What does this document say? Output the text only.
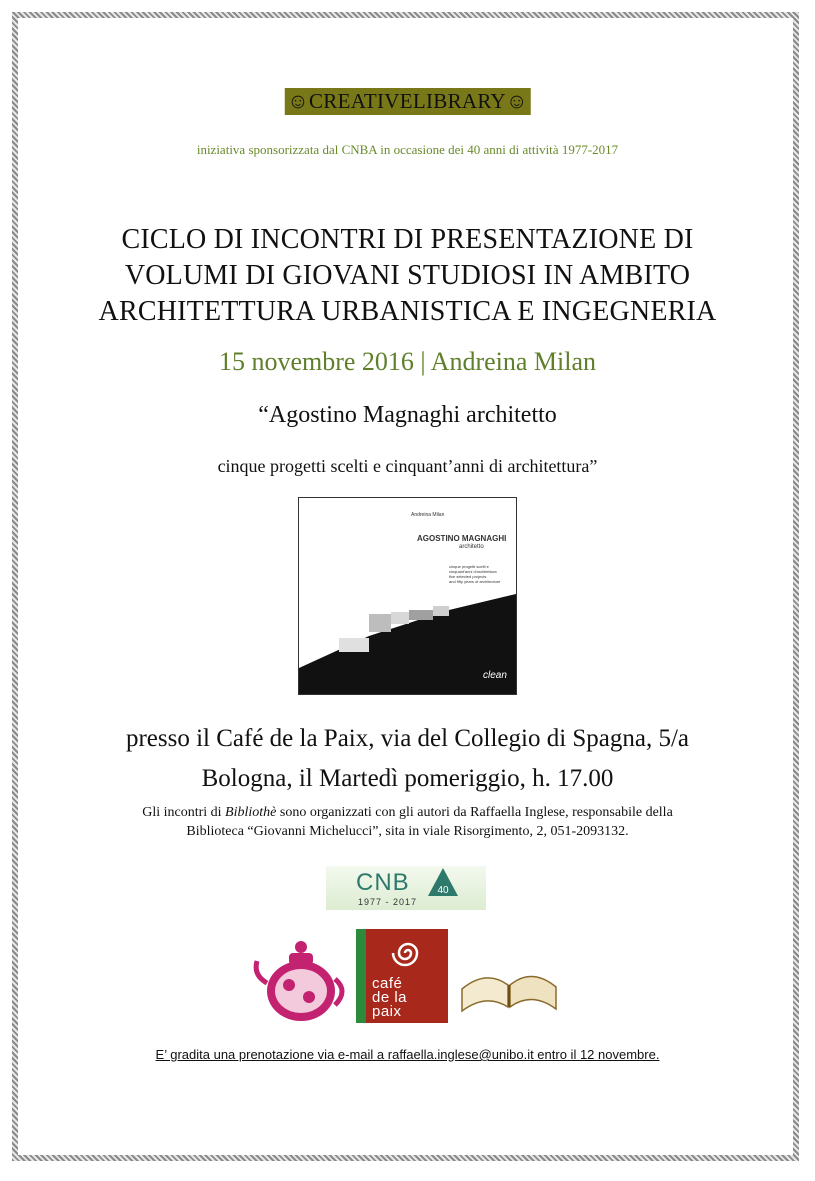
☺CREATIVELIBRARY☺
iniziativa sponsorizzata dal CNBA in occasione dei 40 anni di attività 1977-2017
CICLO DI INCONTRI DI PRESENTAZIONE DI
VOLUMI DI GIOVANI STUDIOSI IN AMBITO
ARCHITETTURA URBANISTICA E INGEGNERIA
15 novembre 2016 | Andreina Milan
“Agostino Magnaghi architetto
cinque progetti scelti e cinquant’anni di architettura”
Andreina Milan
AGOSTINO MAGNAGHI
architetto
cinque progetti scelti e
cinquant'anni d'architettura
five selected projects
and fifty years of architecture
clean
presso il Café de la Paix, via del Collegio di Spagna, 5/a
Bologna, il Martedì pomeriggio, h. 17.00
Gli incontri di Bibliothè sono organizzati con gli autori da Raffaella Inglese, responsabile della
Biblioteca “Giovanni Michelucci”, sita in viale Risorgimento, 2, 051-2093132.
CNB	40
1977 - 2017
café
de la
paix
E’ gradita una prenotazione via e-mail a raffaella.inglese@unibo.it entro il 12 novembre.
